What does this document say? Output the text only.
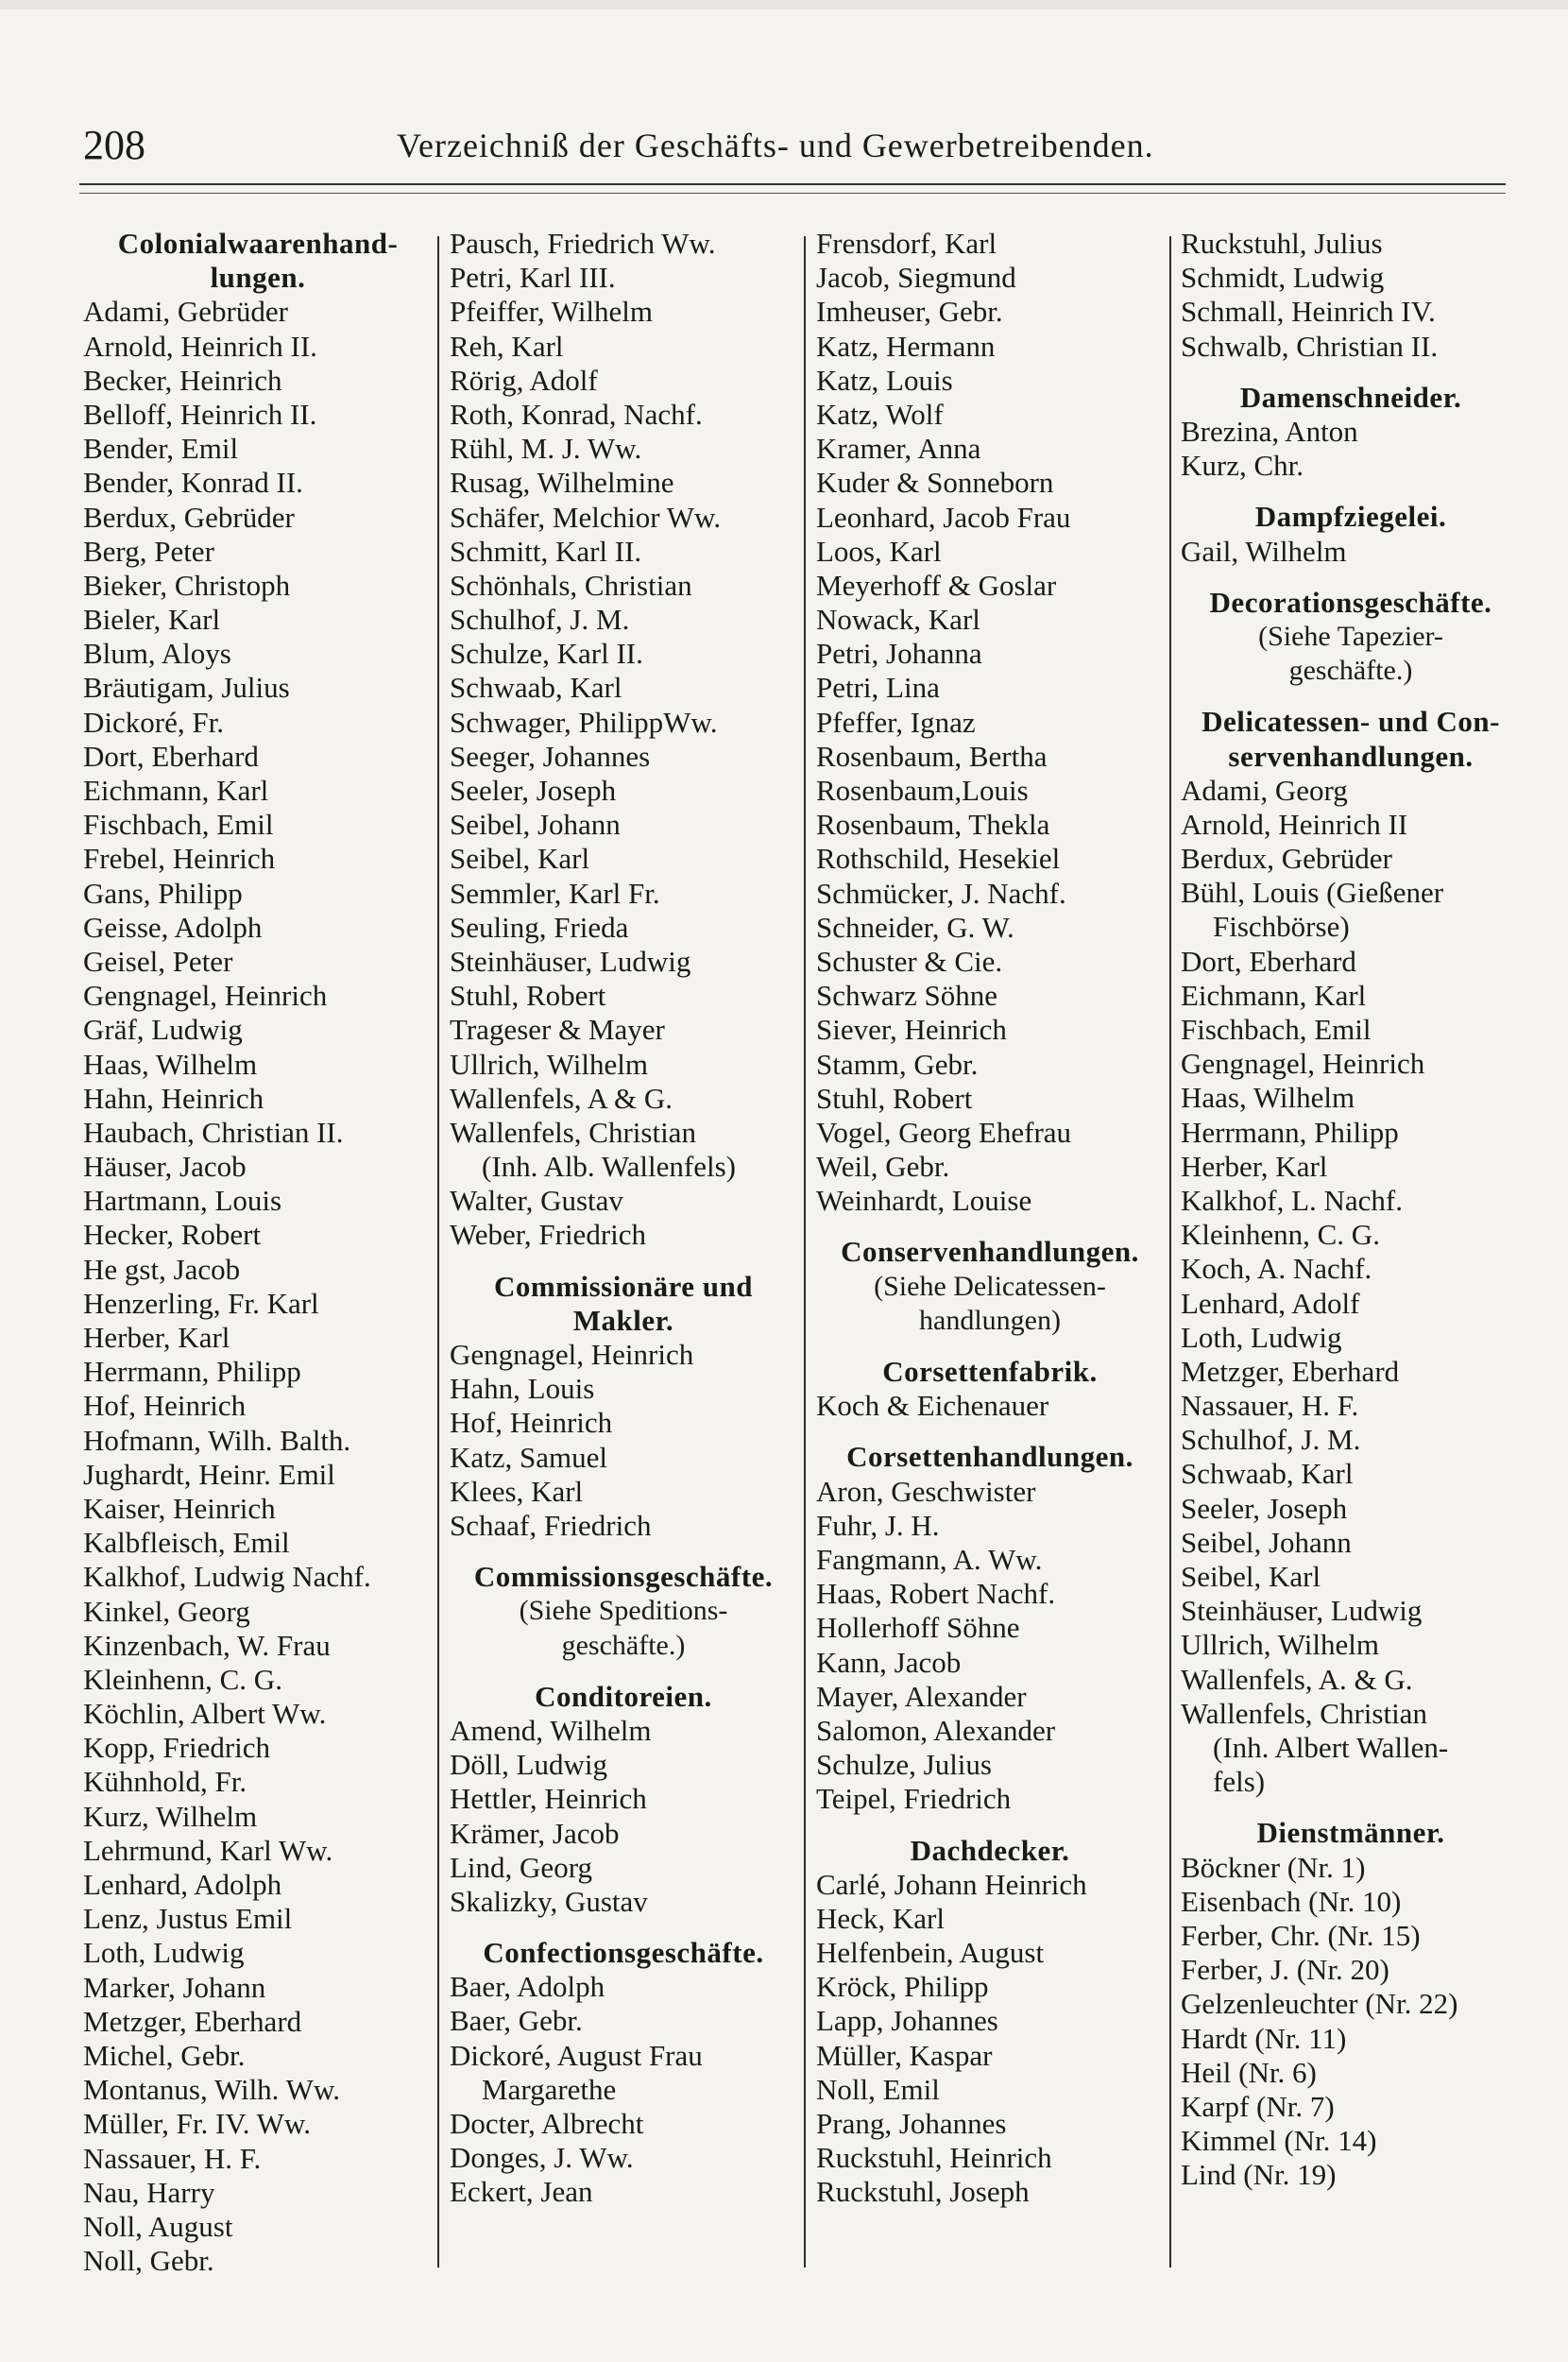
208	Verzeichniß der Geschäfts- und Gewerbetreibenden.
Colonialwaarenhand-
lungen.
Adami, Gebrüder
Arnold, Heinrich II.
Becker, Heinrich
Belloff, Heinrich II.
Bender, Emil
Bender, Konrad II.
Berdux, Gebrüder
Berg, Peter
Bieker, Christoph
Bieler, Karl
Blum, Aloys
Bräutigam, Julius
Dickoré, Fr.
Dort, Eberhard
Eichmann, Karl
Fischbach, Emil
Frebel, Heinrich
Gans, Philipp
Geisse, Adolph
Geisel, Peter
Gengnagel, Heinrich
Gräf, Ludwig
Haas, Wilhelm
Hahn, Heinrich
Haubach, Christian II.
Häuser, Jacob
Hartmann, Louis
Hecker, Robert
He gst, Jacob
Henzerling, Fr. Karl
Herber, Karl
Herrmann, Philipp
Hof, Heinrich
Hofmann, Wilh. Balth.
Jughardt, Heinr. Emil
Kaiser, Heinrich
Kalbfleisch, Emil
Kalkhof, Ludwig Nachf.
Kinkel, Georg
Kinzenbach, W. Frau
Kleinhenn, C. G.
Köchlin, Albert Ww.
Kopp, Friedrich
Kühnhold, Fr.
Kurz, Wilhelm
Lehrmund, Karl Ww.
Lenhard, Adolph
Lenz, Justus Emil
Loth, Ludwig
Marker, Johann
Metzger, Eberhard
Michel, Gebr.
Montanus, Wilh. Ww.
Müller, Fr. IV. Ww.
Nassauer, H. F.
Nau, Harry
Noll, August
Noll, Gebr.
Pausch, Friedrich Ww.
Petri, Karl III.
Pfeiffer, Wilhelm
Reh, Karl
Rörig, Adolf
Roth, Konrad, Nachf.
Rühl, M. J. Ww.
Rusag, Wilhelmine
Schäfer, Melchior Ww.
Schmitt, Karl II.
Schönhals, Christian
Schulhof, J. M.
Schulze, Karl II.
Schwaab, Karl
Schwager, PhilippWw.
Seeger, Johannes
Seeler, Joseph
Seibel, Johann
Seibel, Karl
Semmler, Karl Fr.
Seuling, Frieda
Steinhäuser, Ludwig
Stuhl, Robert
Trageser & Mayer
Ullrich, Wilhelm
Wallenfels, A & G.
Wallenfels, Christian
(Inh. Alb. Wallenfels)
Walter, Gustav
Weber, Friedrich
Commissionäre und
Makler.
Gengnagel, Heinrich
Hahn, Louis
Hof, Heinrich
Katz, Samuel
Klees, Karl
Schaaf, Friedrich
Commissionsgeschäfte.
(Siehe Speditions-
geschäfte.)
Conditoreien.
Amend, Wilhelm
Döll, Ludwig
Hettler, Heinrich
Krämer, Jacob
Lind, Georg
Skalizky, Gustav
Confectionsgeschäfte.
Baer, Adolph
Baer, Gebr.
Dickoré, August Frau
Margarethe
Docter, Albrecht
Donges, J. Ww.
Eckert, Jean
Frensdorf, Karl
Jacob, Siegmund
Imheuser, Gebr.
Katz, Hermann
Katz, Louis
Katz, Wolf
Kramer, Anna
Kuder & Sonneborn
Leonhard, Jacob Frau
Loos, Karl
Meyerhoff & Goslar
Nowack, Karl
Petri, Johanna
Petri, Lina
Pfeffer, Ignaz
Rosenbaum, Bertha
Rosenbaum,Louis
Rosenbaum, Thekla
Rothschild, Hesekiel
Schmücker, J. Nachf.
Schneider, G. W.
Schuster & Cie.
Schwarz Söhne
Siever, Heinrich
Stamm, Gebr.
Stuhl, Robert
Vogel, Georg Ehefrau
Weil, Gebr.
Weinhardt, Louise
Conservenhandlungen.
(Siehe Delicatessen-
handlungen)
Corsettenfabrik.
Koch & Eichenauer
Corsettenhandlungen.
Aron, Geschwister
Fuhr, J. H.
Fangmann, A. Ww.
Haas, Robert Nachf.
Hollerhoff Söhne
Kann, Jacob
Mayer, Alexander
Salomon, Alexander
Schulze, Julius
Teipel, Friedrich
Dachdecker.
Carlé, Johann Heinrich
Heck, Karl
Helfenbein, August
Kröck, Philipp
Lapp, Johannes
Müller, Kaspar
Noll, Emil
Prang, Johannes
Ruckstuhl, Heinrich
Ruckstuhl, Joseph
Ruckstuhl, Julius
Schmidt, Ludwig
Schmall, Heinrich IV.
Schwalb, Christian II.
Damenschneider.
Brezina, Anton
Kurz, Chr.
Dampfziegelei.
Gail, Wilhelm
Decorationsgeschäfte.
(Siehe Tapezier-
geschäfte.)
Delicatessen- und Con-
servenhandlungen.
Adami, Georg
Arnold, Heinrich II
Berdux, Gebrüder
Bühl, Louis (Gießener
Fischbörse)
Dort, Eberhard
Eichmann, Karl
Fischbach, Emil
Gengnagel, Heinrich
Haas, Wilhelm
Herrmann, Philipp
Herber, Karl
Kalkhof, L. Nachf.
Kleinhenn, C. G.
Koch, A. Nachf.
Lenhard, Adolf
Loth, Ludwig
Metzger, Eberhard
Nassauer, H. F.
Schulhof, J. M.
Schwaab, Karl
Seeler, Joseph
Seibel, Johann
Seibel, Karl
Steinhäuser, Ludwig
Ullrich, Wilhelm
Wallenfels, A. & G.
Wallenfels, Christian
(Inh. Albert Wallen-
fels)
Dienstmänner.
Böckner (Nr. 1)
Eisenbach (Nr. 10)
Ferber, Chr. (Nr. 15)
Ferber, J. (Nr. 20)
Gelzenleuchter (Nr. 22)
Hardt (Nr. 11)
Heil (Nr. 6)
Karpf (Nr. 7)
Kimmel (Nr. 14)
Lind (Nr. 19)
